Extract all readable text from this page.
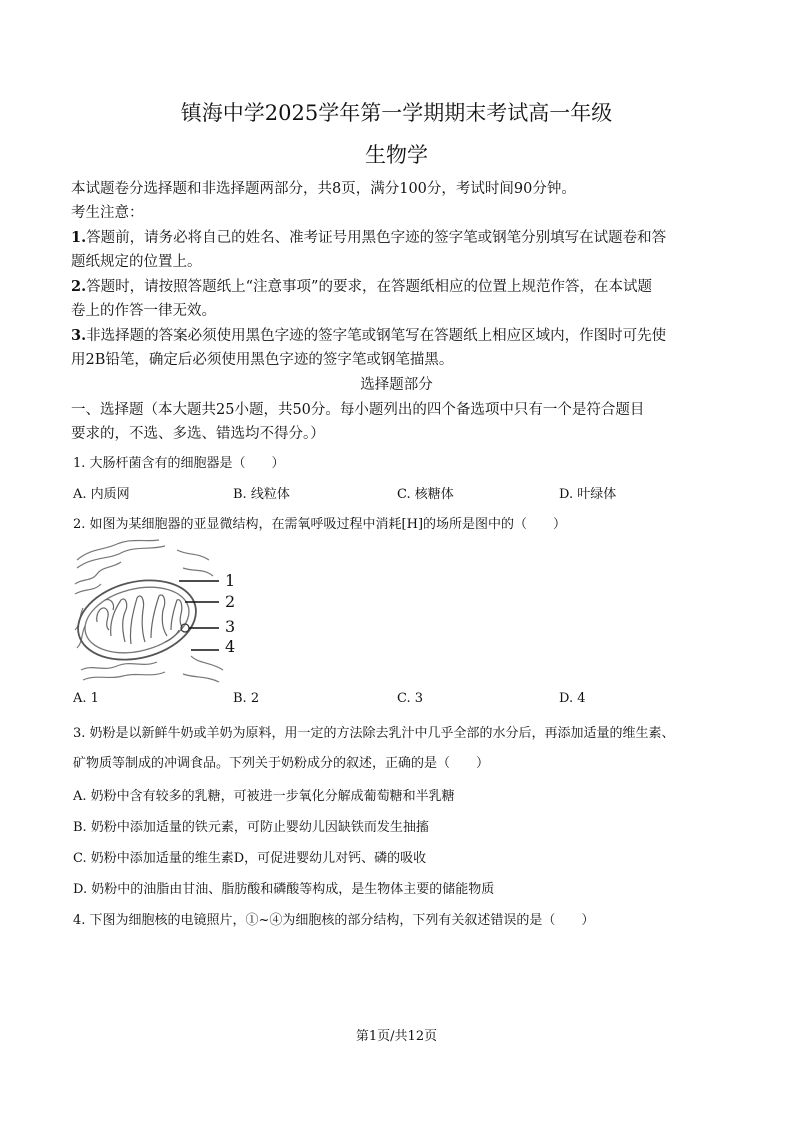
镇海中学2025学年第一学期期末考试高一年级
生物学
本试题卷分选择题和非选择题两部分，共8页，满分100分，考试时间90分钟。
考生注意：
1.答题前，请务必将自己的姓名、准考证号用黑色字迹的签字笔或钢笔分别填写在试题卷和答
题纸规定的位置上。
2.答题时，请按照答题纸上“注意事项”的要求，在答题纸相应的位置上规范作答，在本试题
卷上的作答一律无效。
3.非选择题的答案必须使用黑色字迹的签字笔或钢笔写在答题纸上相应区域内，作图时可先使
用2B铅笔，确定后必须使用黑色字迹的签字笔或钢笔描黑。
选择题部分
一、选择题（本大题共25小题，共50分。每小题列出的四个备选项中只有一个是符合题目
要求的，不选、多选、错选均不得分。）
1. 大肠杆菌含有的细胞器是（　　）
A. 内质网	B. 线粒体	C. 核糖体	D. 叶绿体
2. 如图为某细胞器的亚显微结构，在需氧呼吸过程中消耗[H]的场所是图中的（　　）
1
2
3
4
A. 1	B. 2	C. 3	D. 4
3. 奶粉是以新鲜牛奶或羊奶为原料，用一定的方法除去乳汁中几乎全部的水分后，再添加适量的维生素、
矿物质等制成的冲调食品。下列关于奶粉成分的叙述，正确的是（　　）
A. 奶粉中含有较多的乳糖，可被进一步氧化分解成葡萄糖和半乳糖
B. 奶粉中添加适量的铁元素，可防止婴幼儿因缺铁而发生抽搐
C. 奶粉中添加适量的维生素D，可促进婴幼儿对钙、磷的吸收
D. 奶粉中的油脂由甘油、脂肪酸和磷酸等构成，是生物体主要的储能物质
4. 下图为细胞核的电镜照片，①~④为细胞核的部分结构，下列有关叙述错误的是（　　）
第1页/共12页
